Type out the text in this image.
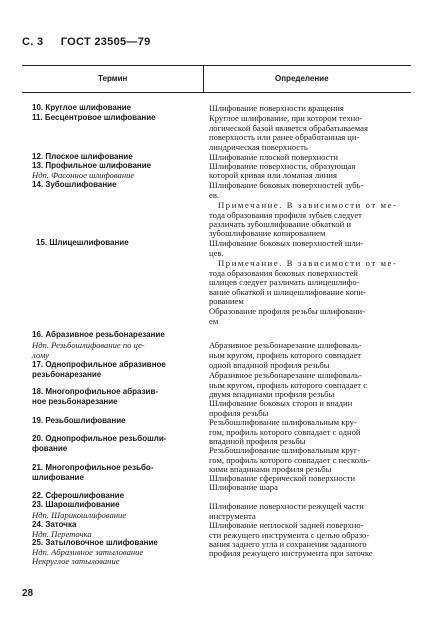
С. 3 ГОСТ 23505—79
Термин	Определение
10. Круглое шлифование
11. Бесцентровое шлифование
12. Плоское шлифование
13. Профильное шлифование
Ндп. Фасонное шлифование
14. Зубошлифование
15. Шлицешлифование
16. Абразивное резьбонарезание
Ндп. Резьбошлифование по це-
лому
17. Однопрофильное абразивное
резьбонарезание
18. Многопрофильное абразив-
ное резьбонарезание
19. Резьбошлифование
20. Однопрофильное резьбошли-
фование
21. Многопрофильное резьбо-
шлифование
22. Сферошлифование
23. Шарошлифование
Ндп. Шарикошлифование
24. Заточка
Ндп. Переточка
25. Затыловочное шлифование
Ндп. Абразивное затылование
Некруглое затылование
Шлифование поверхности вращения
Круглое шлифование, при котором техно-
логической базой является обрабатываемая
поверхность или ранее обработанная ци-
линдрическая поверхность
Шлифование плоской поверхности
Шлифование поверхности, образующая
которой кривая или ломаная линия
Шлифование боковых поверхностей зубь-
ев.
Примечание. В зависимости от ме-
тода образования профиля зубьев следует
различать зубошлифование обкаткой и
зубошлифование копированием
Шлифование боковых поверхностей шли-
цев.
Примечание. В зависимости от ме-
тода образования боковых поверхностей
шлицев следует различать шлицешлифо-
вание обкаткой и шлицешлифование копи-
рованием
Образование профиля резьбы шлифовани-
ем
Абразивное резьбонарезание шлифоваль-
ным кругом, профиль которого совпадает
одной впадиной профиля резьбы
Абразивное резьбонарезание шлифоваль-
ным кругом, профиль которого совпадает с
двумя впадинами профиля резьбы
Шлифование боковых сторон и впадин
профиля резьбы
Резьбошлифование шлифовальным кру-
гом, профиль которого совпадает с одной
впадиной профиля резьбы
Резьбошлифование шлифовальным круг-
гом, профиль которого совпадает с несколь-
кими впадинами профиля резьбы
Шлифование сферической поверхности
Шлифование шара
Шлифование поверхности режущей части
инструмента
Шлифование неплоской задней поверхно-
сти режущего инструмента с целью образо-
вания заднего угла и сохранения заданного
профиля режущего инструмента при заточке
28
